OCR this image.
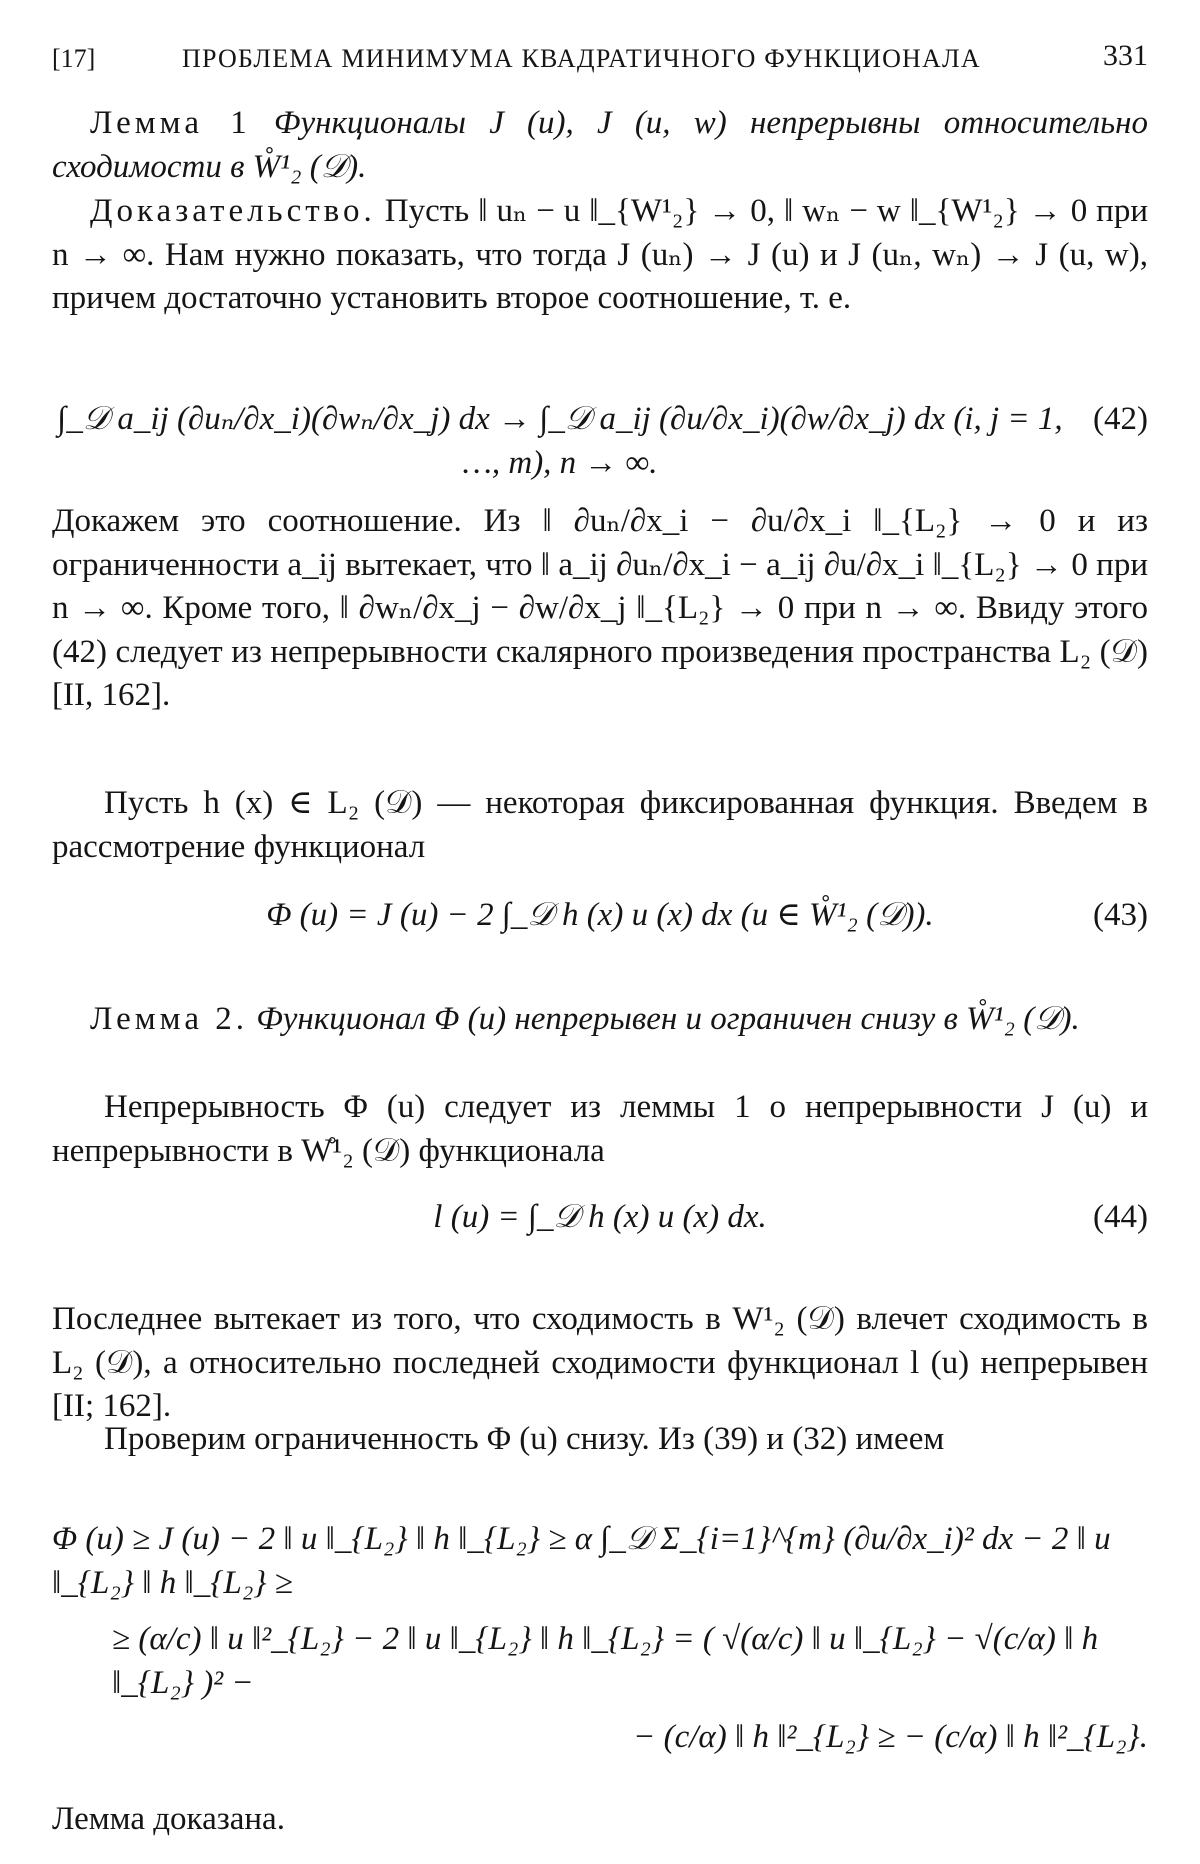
[17]	ПРОБЛЕМА МИНИМУМА КВАДРАТИЧНОГО ФУНКЦИОНАЛА	331
Лемма 1 Функционалы J (u), J (u, w) непрерывны относительно сходимости в W̊¹₂ (𝒟).
Доказательство. Пусть ‖ uₙ − u ‖_{W¹₂} → 0, ‖ wₙ − w ‖_{W¹₂} → 0 при n → ∞. Нам нужно показать, что тогда J (uₙ) → J (u) и J (uₙ, wₙ) → J (u, w), причем достаточно установить второе соотношение, т. е.
∫_𝒟 a_ij (∂uₙ/∂x_i)(∂wₙ/∂x_j) dx → ∫_𝒟 a_ij (∂u/∂x_i)(∂w/∂x_j) dx (i, j = 1, …, m), n → ∞.
(42)
Докажем это соотношение. Из ‖ ∂uₙ/∂x_i − ∂u/∂x_i ‖_{L₂} → 0 и из ограниченности a_ij вытекает, что ‖ a_ij ∂uₙ/∂x_i − a_ij ∂u/∂x_i ‖_{L₂} → 0 при n → ∞. Кроме того, ‖ ∂wₙ/∂x_j − ∂w/∂x_j ‖_{L₂} → 0 при n → ∞. Ввиду этого (42) следует из непрерывности скалярного произведения пространства L₂ (𝒟) [II, 162].
Пусть h (x) ∈ L₂ (𝒟) — некоторая фиксированная функция. Введем в рассмотрение функционал
Φ (u) = J (u) − 2 ∫_𝒟 h (x) u (x) dx (u ∈ W̊¹₂ (𝒟)).	(43)
Лемма 2. Функционал Φ (u) непрерывен и ограничен снизу в W̊¹₂ (𝒟).
Непрерывность Φ (u) следует из леммы 1 о непрерывности J (u) и непрерывности в W̊¹₂ (𝒟) функционала
l (u) = ∫_𝒟 h (x) u (x) dx.	(44)
Последнее вытекает из того, что сходимость в W¹₂ (𝒟) влечет сходимость в L₂ (𝒟), а относительно последней сходимости функционал l (u) непрерывен [II; 162].
Проверим ограниченность Φ (u) снизу. Из (39) и (32) имеем
Φ (u) ≥ J (u) − 2 ‖ u ‖_{L₂} ‖ h ‖_{L₂} ≥ α ∫_𝒟 Σ_{i=1}^{m} (∂u/∂x_i)² dx − 2 ‖ u ‖_{L₂} ‖ h ‖_{L₂} ≥
≥ (α/c) ‖ u ‖²_{L₂} − 2 ‖ u ‖_{L₂} ‖ h ‖_{L₂} = ( √(α/c) ‖ u ‖_{L₂} − √(c/α) ‖ h ‖_{L₂} )² −
− (c/α) ‖ h ‖²_{L₂} ≥ − (c/α) ‖ h ‖²_{L₂}.
Лемма доказана.
